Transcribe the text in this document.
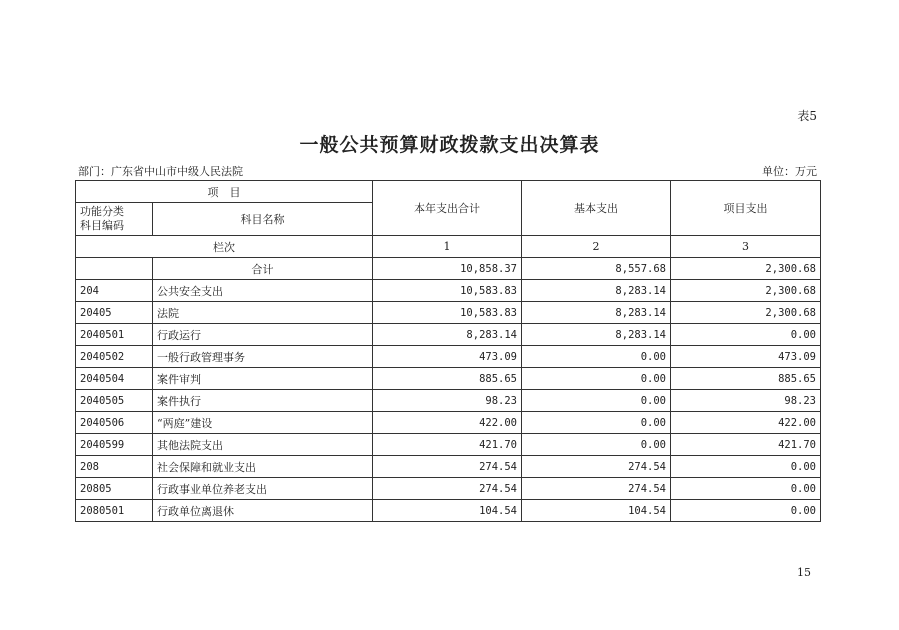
表5
一般公共预算财政拨款支出决算表
部门：广东省中山市中级人民法院	单位：万元
项　目		本年支出合计	基本支出	项目支出

功能分类
科目编码	科目名称			
栏次		1	2	3
	合计	10,858.37	8,557.68	2,300.68
204	公共安全支出	10,583.83	8,283.14	2,300.68
20405	法院	10,583.83	8,283.14	2,300.68
2040501	行政运行	8,283.14	8,283.14	0.00
2040502	一般行政管理事务	473.09	0.00	473.09
2040504	案件审判	885.65	0.00	885.65
2040505	案件执行	98.23	0.00	98.23
2040506	“两庭”建设	422.00	0.00	422.00
2040599	其他法院支出	421.70	0.00	421.70
208	社会保障和就业支出	274.54	274.54	0.00
20805	行政事业单位养老支出	274.54	274.54	0.00
2080501	行政单位离退休	104.54	104.54	0.00
15
